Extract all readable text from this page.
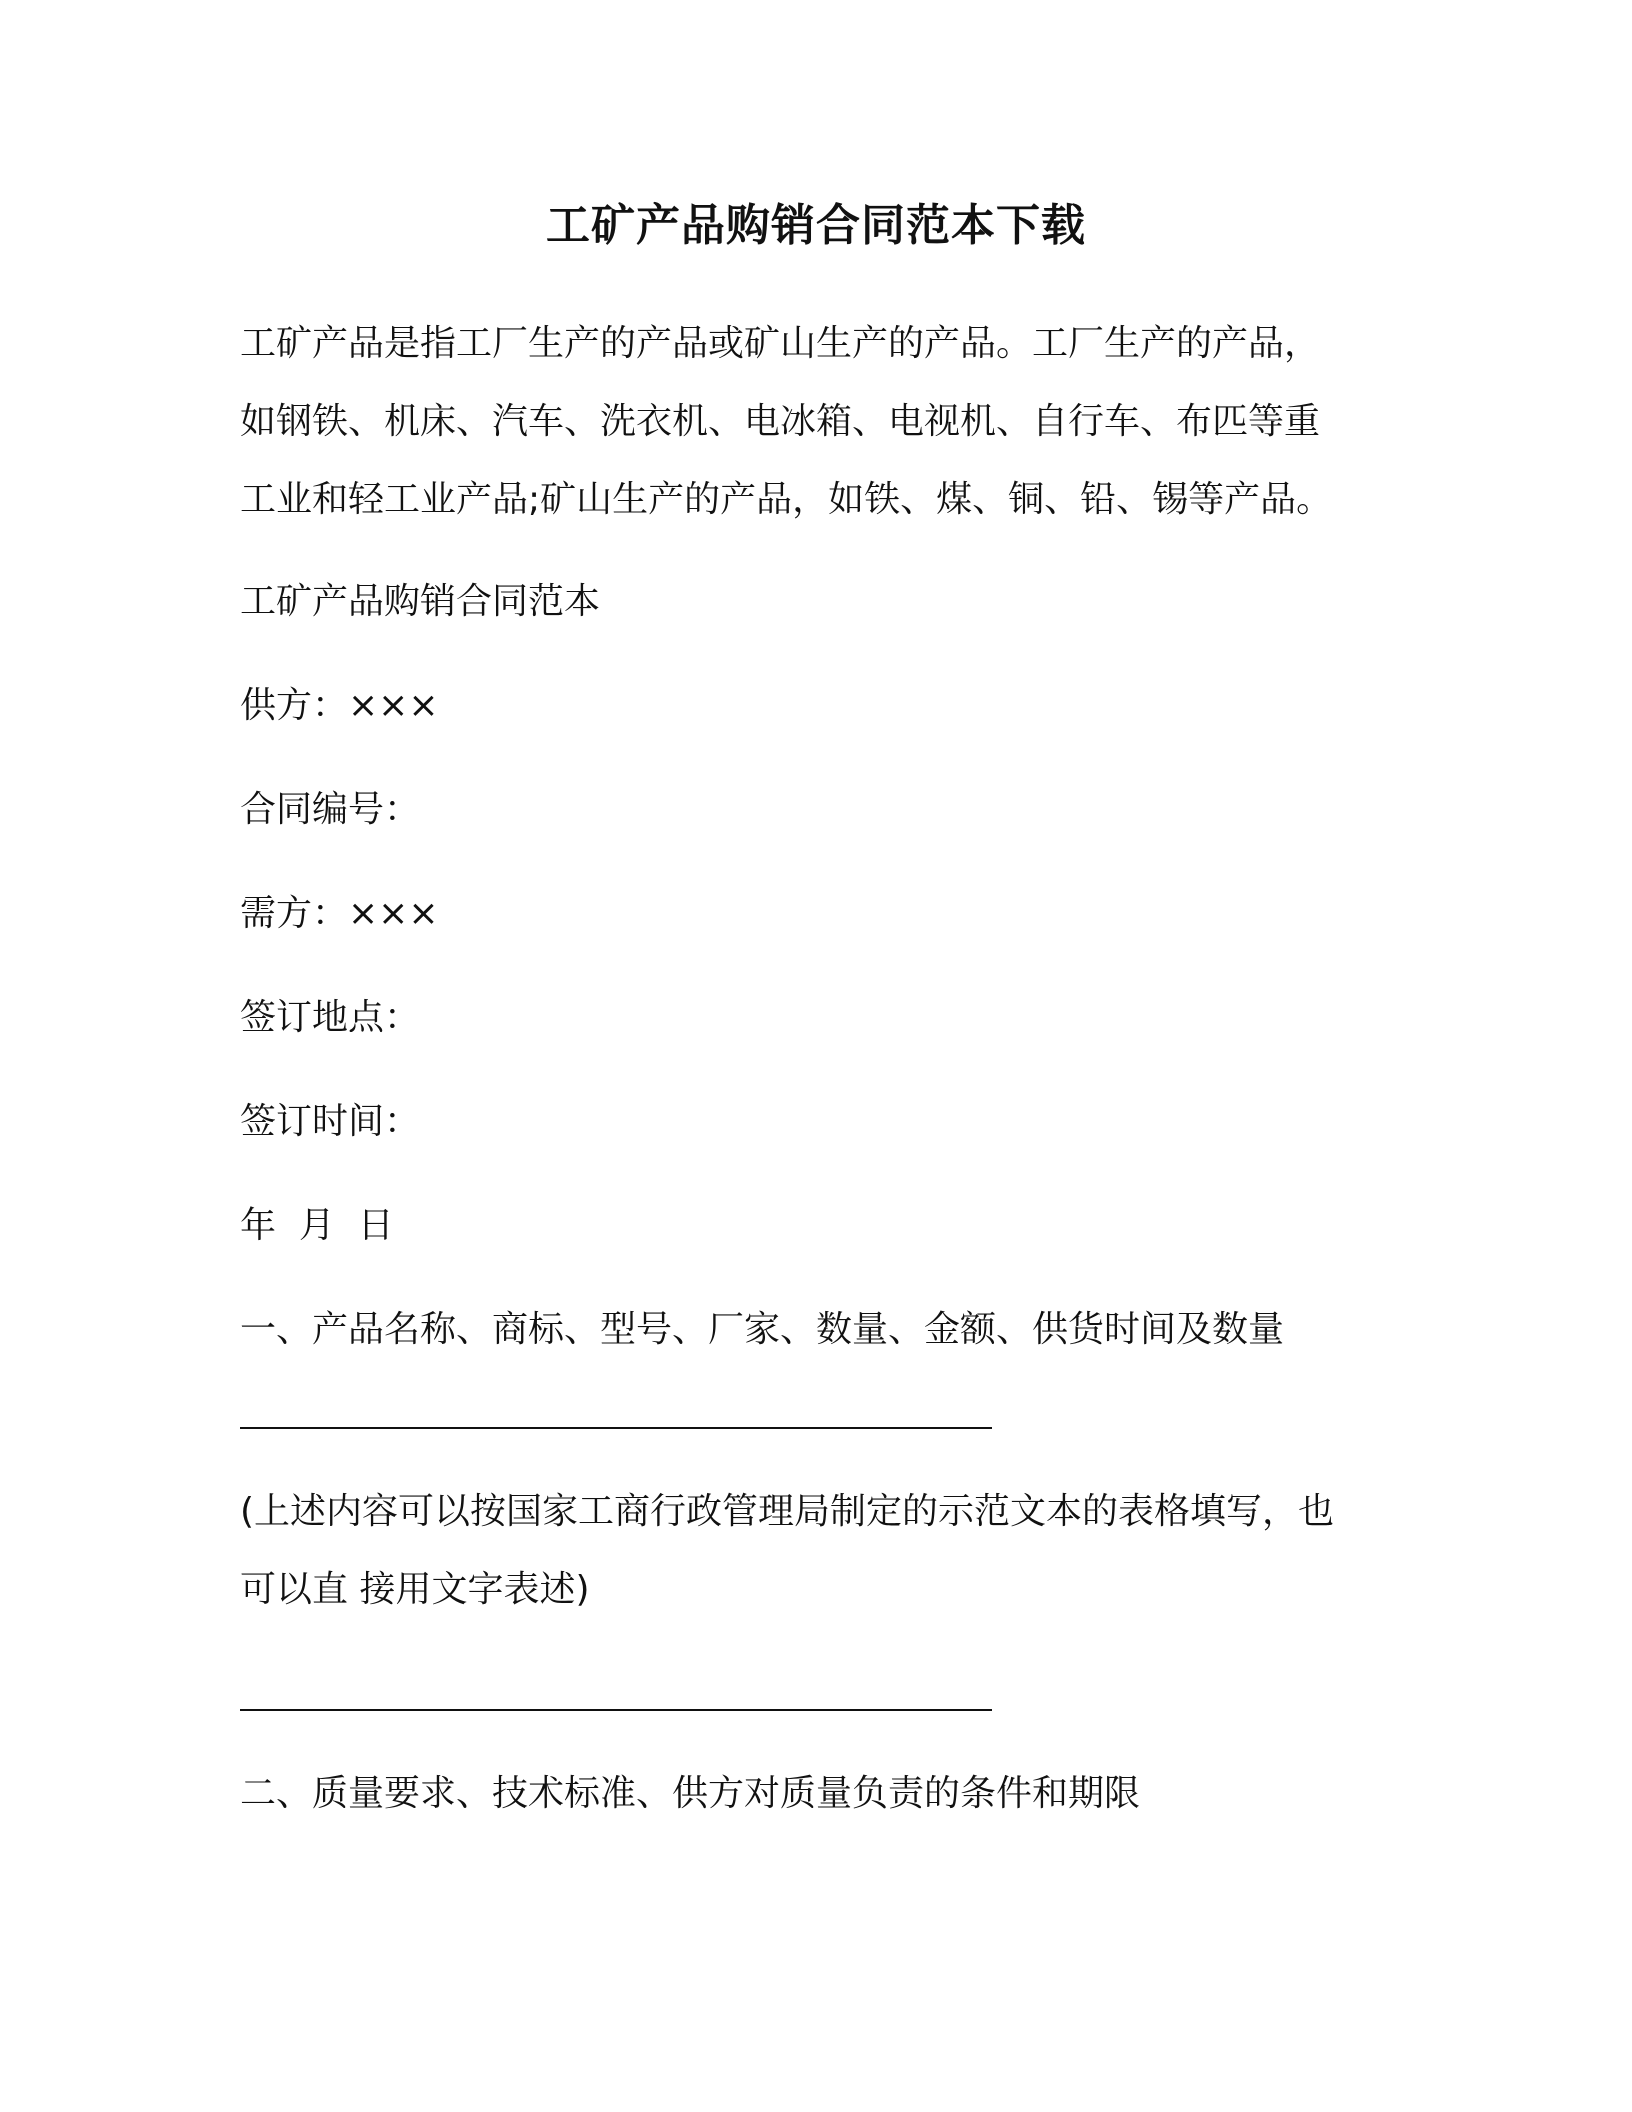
工矿产品购销合同范本下载
工矿产品是指工厂生产的产品或矿山生产的产品。工厂生产的产品，
如钢铁、机床、汽车、洗衣机、电冰箱、电视机、自行车、布匹等重
工业和轻工业产品;矿山生产的产品，如铁、煤、铜、铅、锡等产品。
工矿产品购销合同范本
供方：×××
合同编号：
需方：×××
签订地点：
签订时间：
年  月  日
一、产品名称、商标、型号、厂家、数量、金额、供货时间及数量
(上述内容可以按国家工商行政管理局制定的示范文本的表格填写，也
可以直 接用文字表述)
二、质量要求、技术标准、供方对质量负责的条件和期限
